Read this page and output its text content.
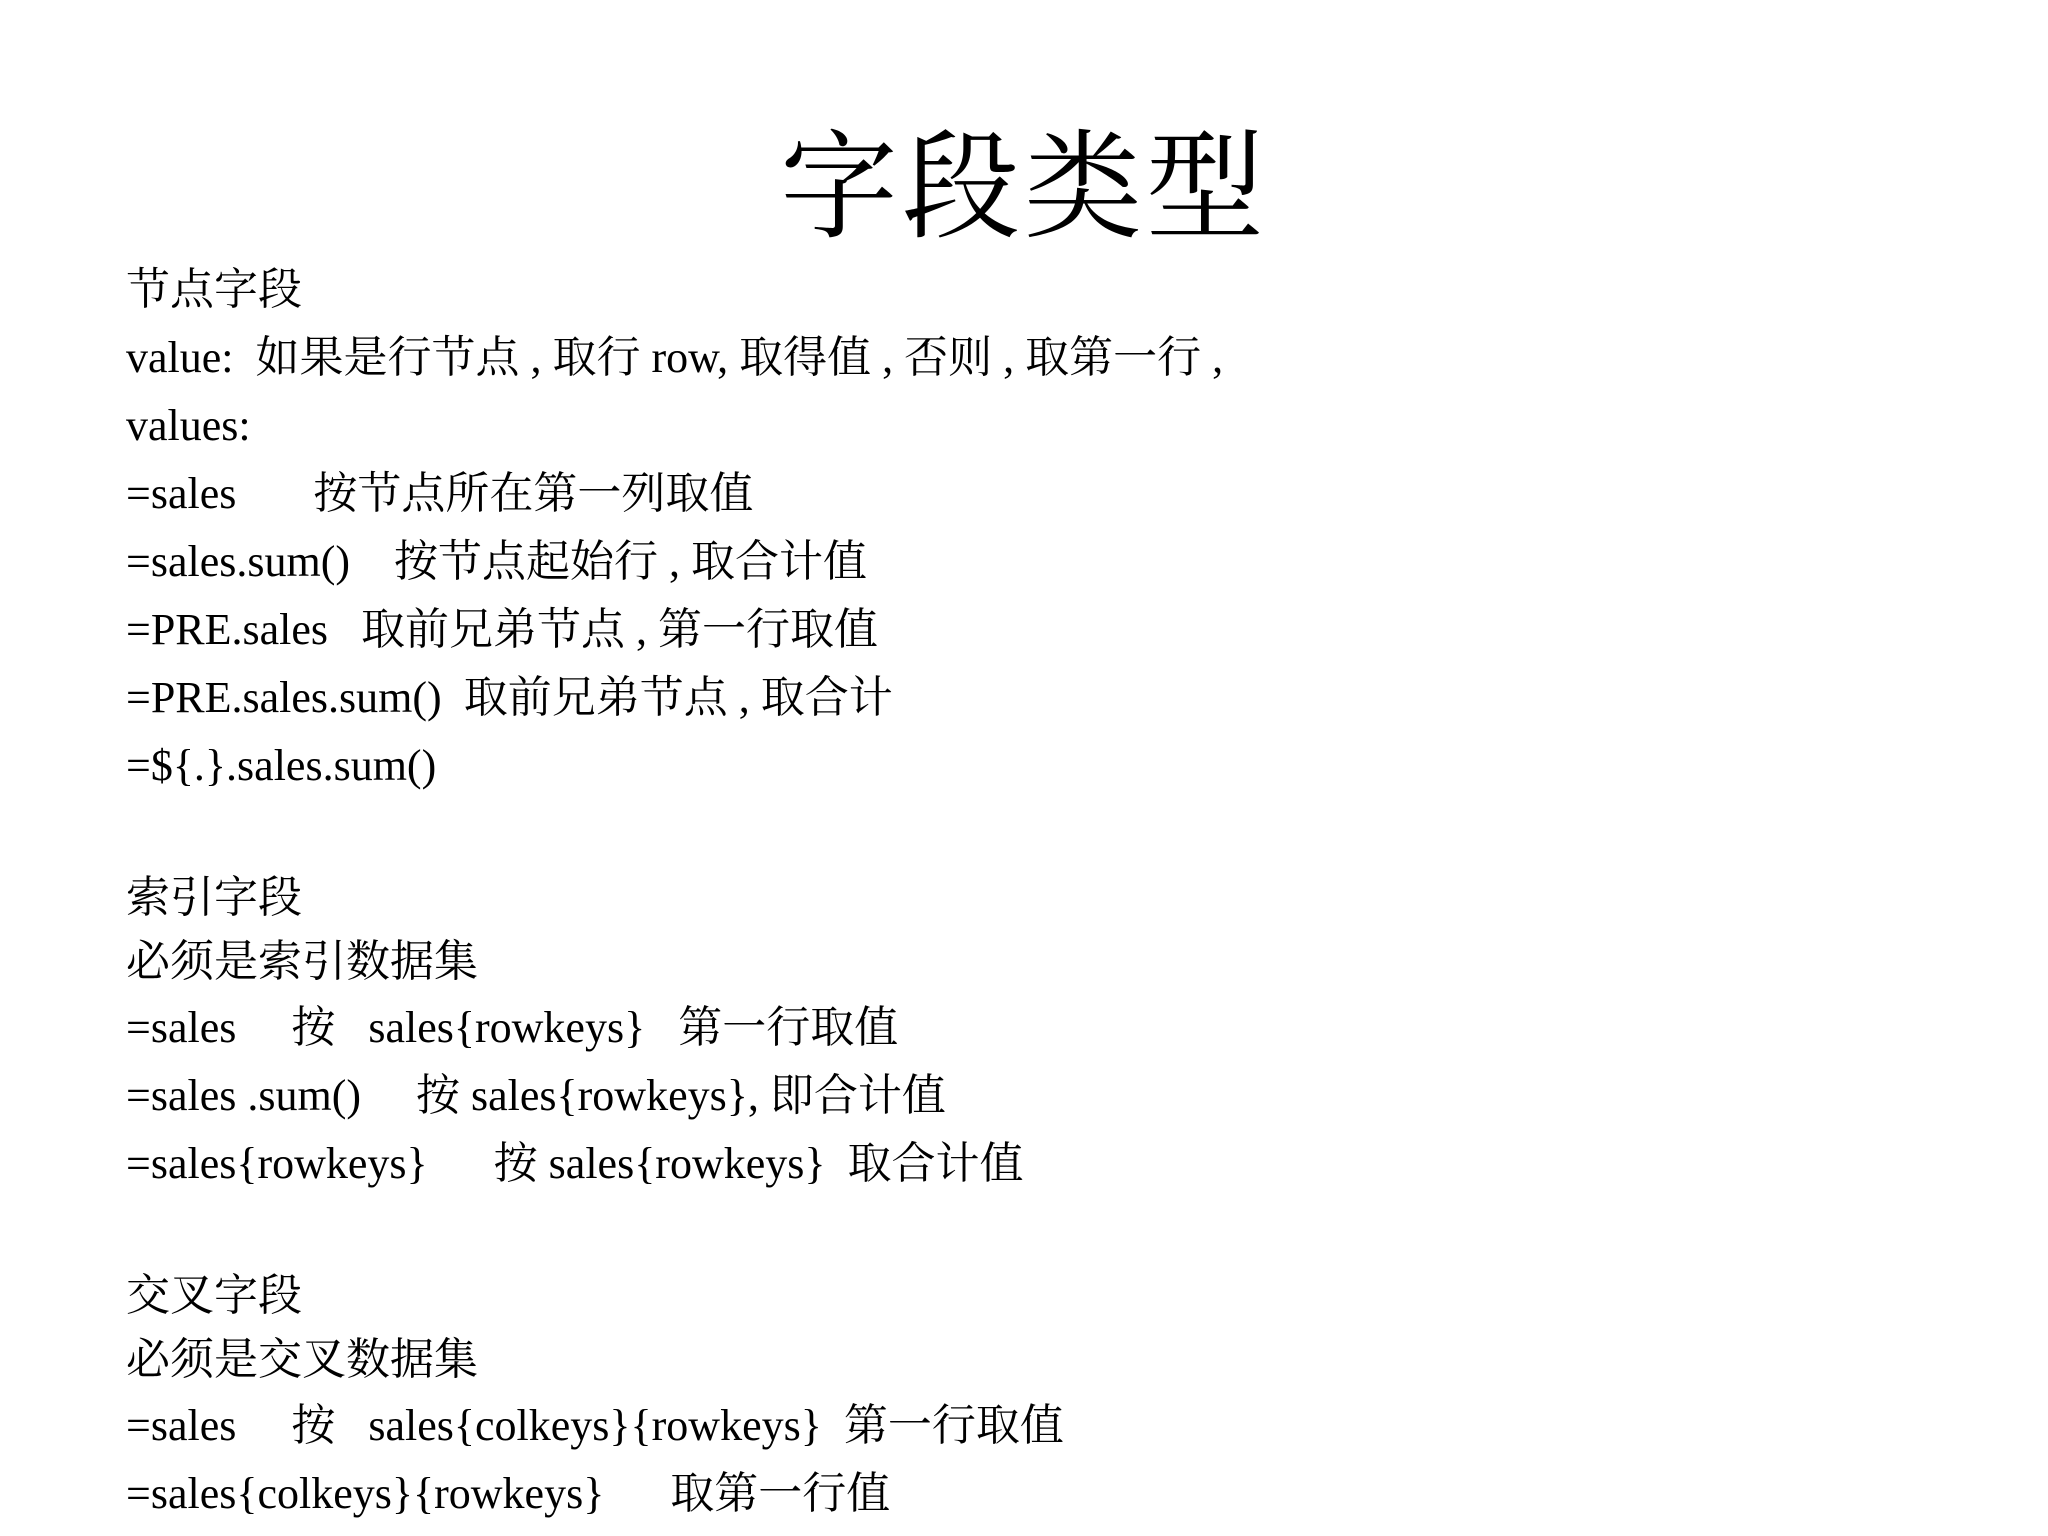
字段类型
节点字段
value:  如果是行节点 , 取行 row, 取得值 , 否则 , 取第一行 ,
values:
=sales       按节点所在第一列取值
=sales.sum()    按节点起始行 , 取合计值
=PRE.sales   取前兄弟节点 , 第一行取值
=PRE.sales.sum()  取前兄弟节点 , 取合计
=${.}.sales.sum()
索引字段
必须是索引数据集
=sales     按   sales{rowkeys}   第一行取值
=sales .sum()     按 sales{rowkeys}, 即合计值
=sales{rowkeys}      按 sales{rowkeys}  取合计值
交叉字段
必须是交叉数据集
=sales     按   sales{colkeys}{rowkeys}  第一行取值
=sales{colkeys}{rowkeys}      取第一行值
